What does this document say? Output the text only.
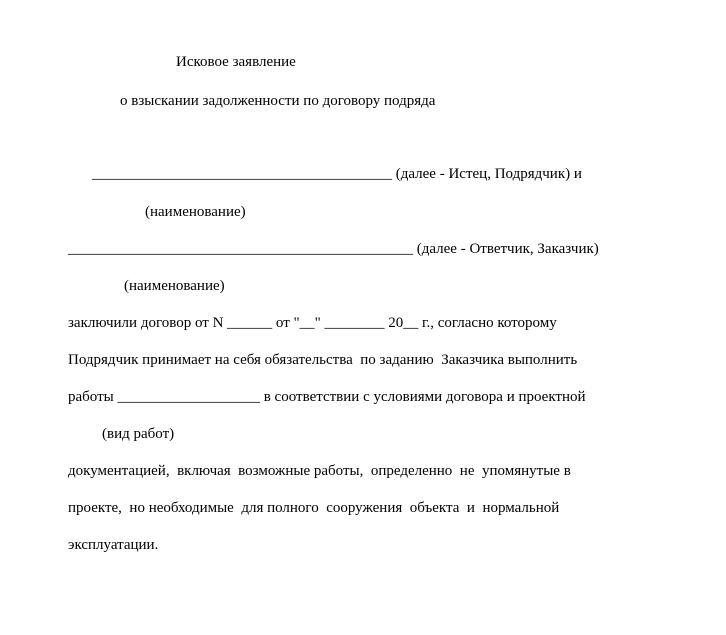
Исковое заявление
о взыскании задолженности по договору подряда
________________________________________ (далее - Истец, Подрядчик) и
(наименование)
______________________________________________ (далее - Ответчик, Заказчик)
(наименование)
заключили договор от N ______ от "__" ________ 20__ г., согласно которому
Подрядчик принимает на себя обязательства  по заданию  Заказчика выполнить
работы ___________________ в соответствии с условиями договора и проектной
(вид работ)
документацией,  включая  возможные работы,  определенно  не  упомянутые в
проекте,  но необходимые  для полного  сооружения  объекта  и  нормальной
эксплуатации.
